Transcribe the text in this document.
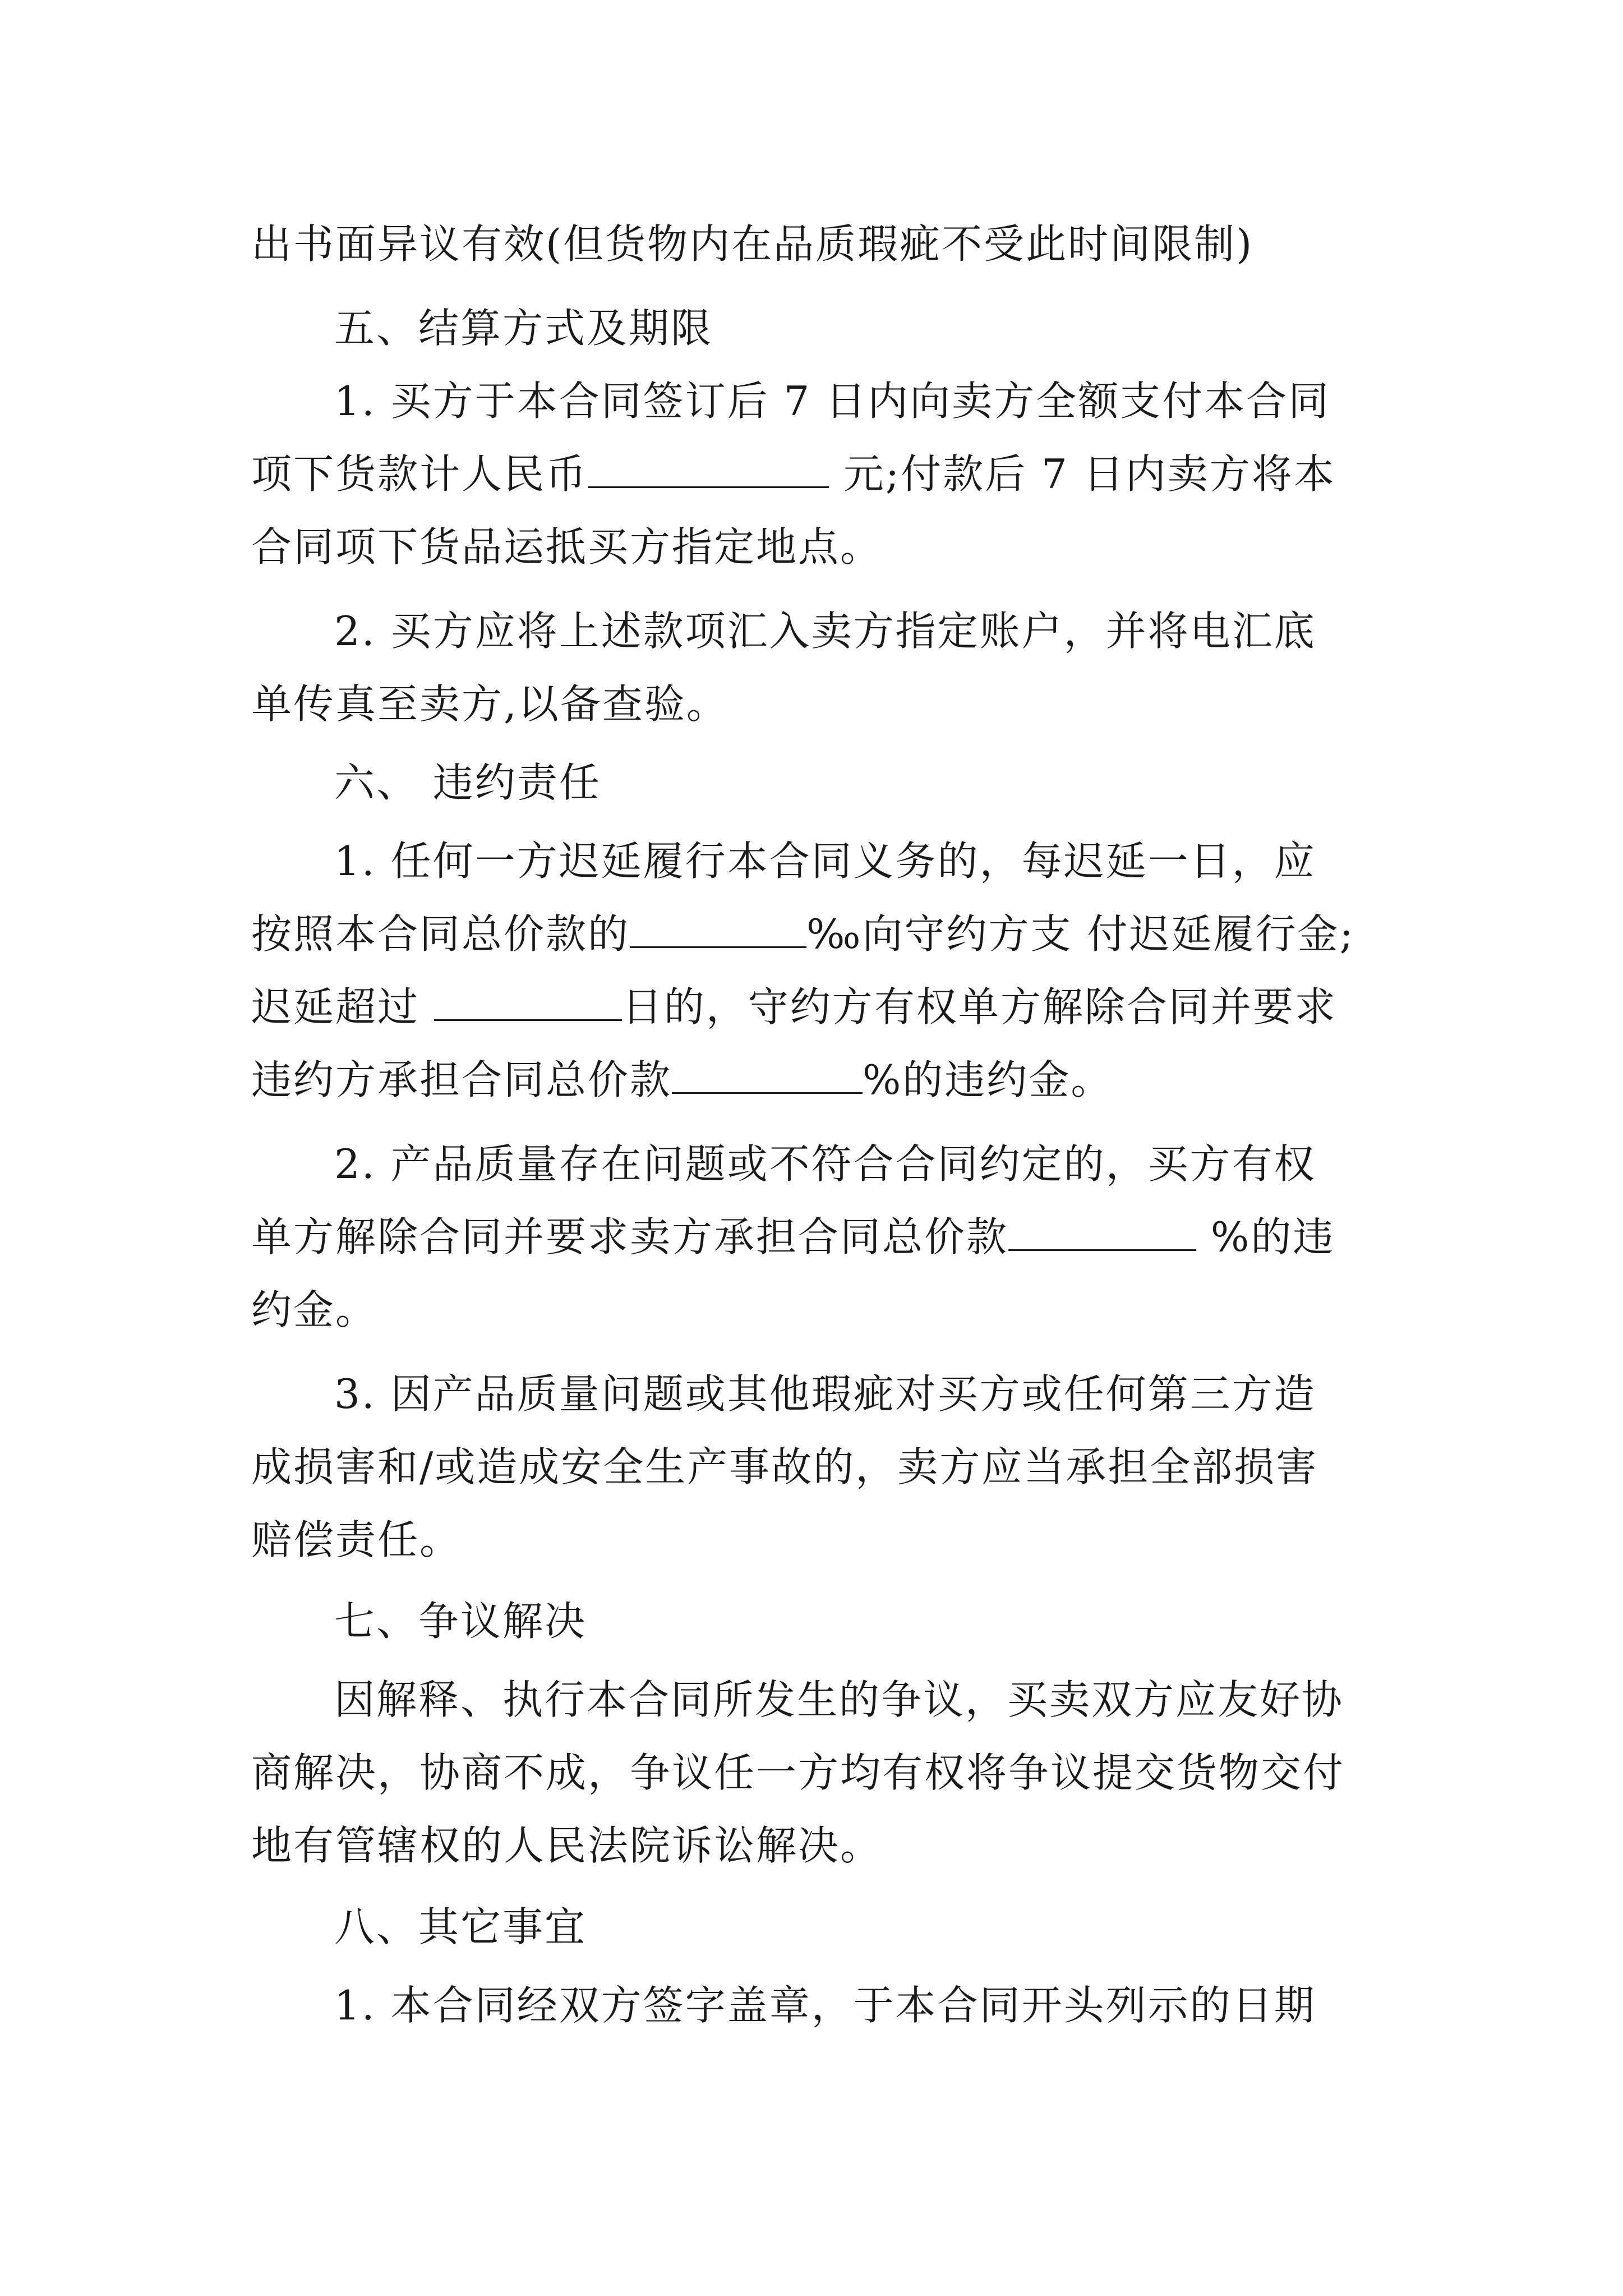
出书面异议有效(但货物内在品质瑕疵不受此时间限制)
五、结算方式及期限
1. 买方于本合同签订后 7 日内向卖方全额支付本合同
项下货款计人民币	元;付款后 7 日内卖方将本
合同项下货品运抵买方指定地点。
2. 买方应将上述款项汇入卖方指定账户，并将电汇底
单传真至卖方,以备查验。
六、 违约责任
1. 任何一方迟延履行本合同义务的，每迟延一日，应
按照本合同总价款的	‰向守约方支 付迟延履行金;
迟延超过	日的，守约方有权单方解除合同并要求
违约方承担合同总价款	%的违约金。
2. 产品质量存在问题或不符合合同约定的，买方有权
单方解除合同并要求卖方承担合同总价款	%的违
约金。
3. 因产品质量问题或其他瑕疵对买方或任何第三方造
成损害和/或造成安全生产事故的，卖方应当承担全部损害
赔偿责任。
七、争议解决
因解释、执行本合同所发生的争议，买卖双方应友好协
商解决，协商不成，争议任一方均有权将争议提交货物交付
地有管辖权的人民法院诉讼解决。
八、其它事宜
1. 本合同经双方签字盖章，于本合同开头列示的日期
